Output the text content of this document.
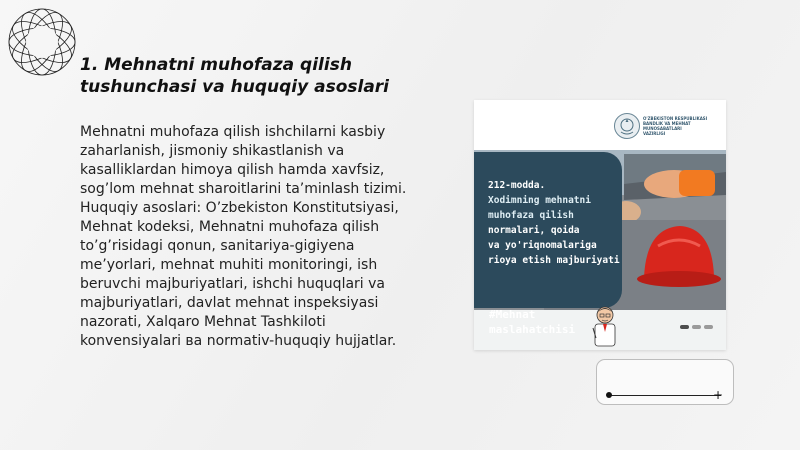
1. Mehnatni muhofaza qilish
tushunchasi va huquqiy asoslari

Mehnatni muhofaza qilish ishchilarni kasbiy zaharlanish, jismoniy shikastlanish va kasalliklardan himoya qilish hamda xavfsiz, sog’lom mehnat sharoitlarini ta’minlash tizimi. Huquqiy asoslari: O’zbekiston Konstitutsiyasi, Mehnat kodeksi, Mehnatni muhofaza qilish to’g’risidagi qonun, sanitariya-gigiyena me’yorlari, mehnat muhiti monitoringi, ish beruvchi majburiyatlari, ishchi huquqlari va majburiyatlari, davlat mehnat inspeksiyasi nazorati, Xalqaro Mehnat Tashkiloti konvensiyalari ва normativ-huquqiy hujjatlar.

O'ZBEKISTON RESPUBLIKASI
BANDLIK VA MEHNAT MUNOSABATLARI
VAZIRLIGI
212-modda.
Xodimning mehnatni
muhofaza qilish
normalari, qoida
va yo'riqnomalariga
rioya etish majburiyati
#Mehnat
maslahatchisi
+
